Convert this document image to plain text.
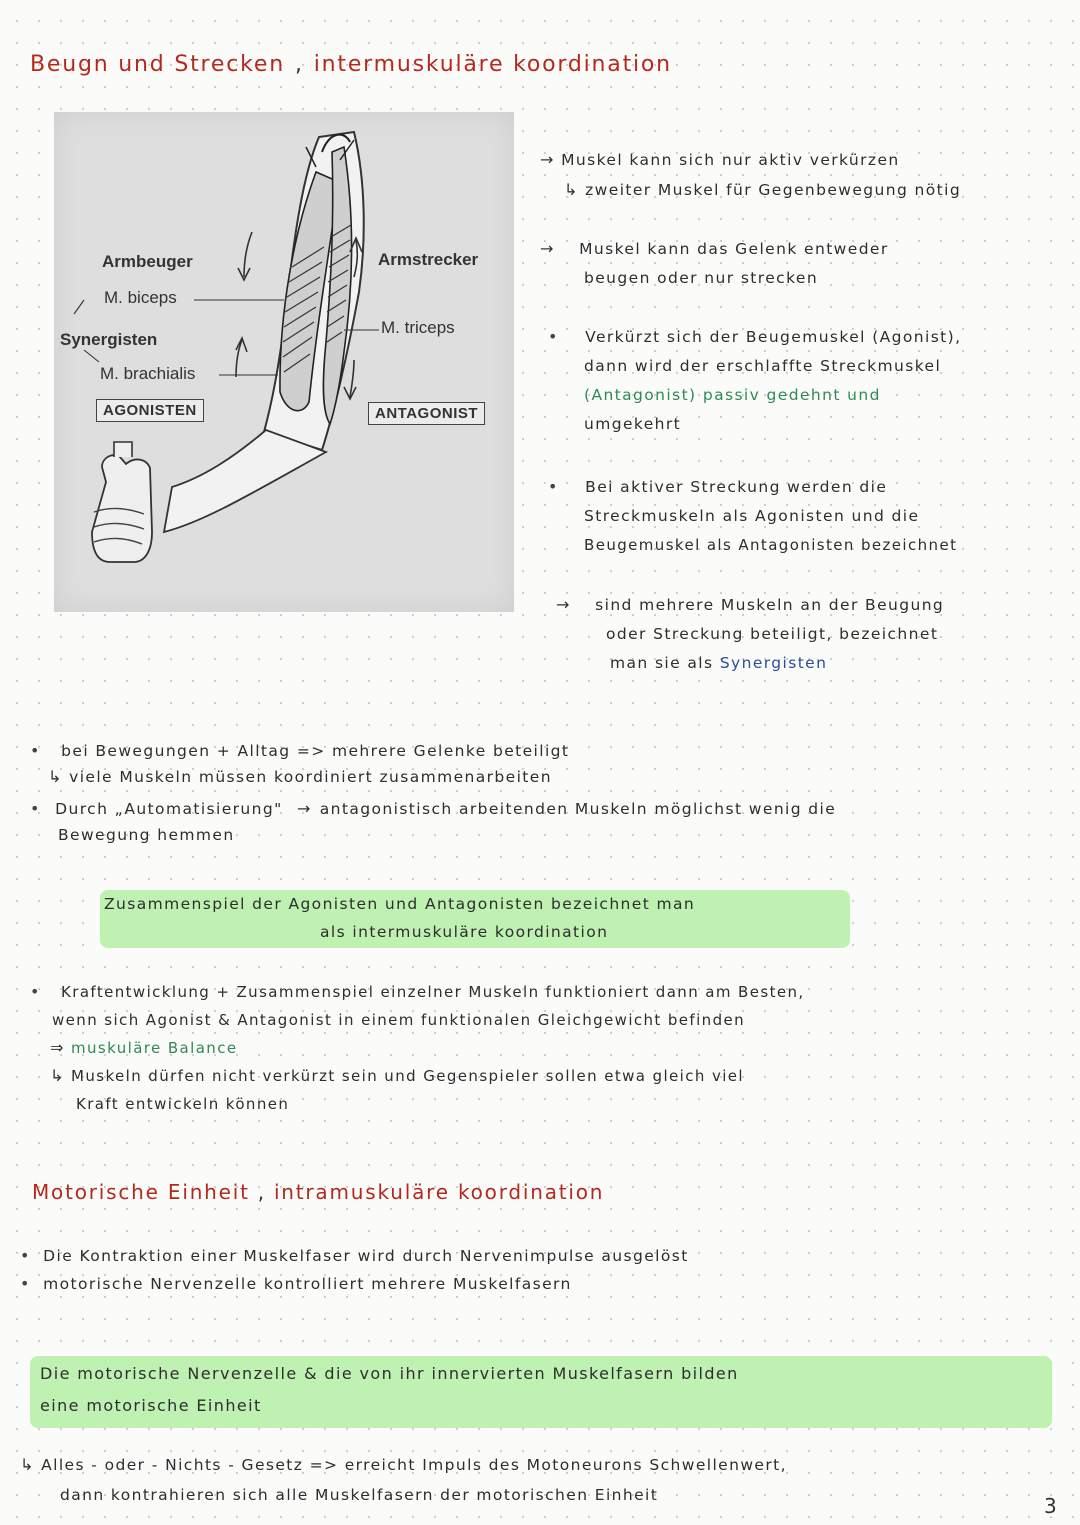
Beugn und Strecken , intermuskuläre koordination
Armbeuger
M. biceps
Synergisten
M. brachialis
AGONISTEN
Armstrecker
M. triceps
ANTAGONIST
→ Muskel kann sich nur aktiv verkürzen
↳ zweiter Muskel für Gegenbewegung nötig
→ Muskel kann das Gelenk entweder
beugen oder nur strecken
• Verkürzt sich der Beugemuskel (Agonist),
dann wird der erschlaffte Streckmuskel
(Antagonist) passiv gedehnt und
umgekehrt
• Bei aktiver Streckung werden die
Streckmuskeln als Agonisten und die
Beugemuskel als Antagonisten bezeichnet
→ sind mehrere Muskeln an der Beugung
oder Streckung beteiligt, bezeichnet
man sie als Synergisten
• bei Bewegungen + Alltag => mehrere Gelenke beteiligt
↳ viele Muskeln müssen koordiniert zusammenarbeiten
• Durch „Automatisierung" → antagonistisch arbeitenden Muskeln möglichst wenig die
Bewegung hemmen
Zusammenspiel der Agonisten und Antagonisten bezeichnet man
als intermuskuläre koordination
• Kraftentwicklung + Zusammenspiel einzelner Muskeln funktioniert dann am Besten,
wenn sich Agonist & Antagonist in einem funktionalen Gleichgewicht befinden
⇒ muskuläre Balance
↳ Muskeln dürfen nicht verkürzt sein und Gegenspieler sollen etwa gleich viel
Kraft entwickeln können
Motorische Einheit , intramuskuläre koordination
• Die Kontraktion einer Muskelfaser wird durch Nervenimpulse ausgelöst
• motorische Nervenzelle kontrolliert mehrere Muskelfasern
Die motorische Nervenzelle & die von ihr innervierten Muskelfasern bilden
eine motorische Einheit
↳ Alles - oder - Nichts - Gesetz => erreicht Impuls des Motoneurons Schwellenwert,
dann kontrahieren sich alle Muskelfasern der motorischen Einheit	3
